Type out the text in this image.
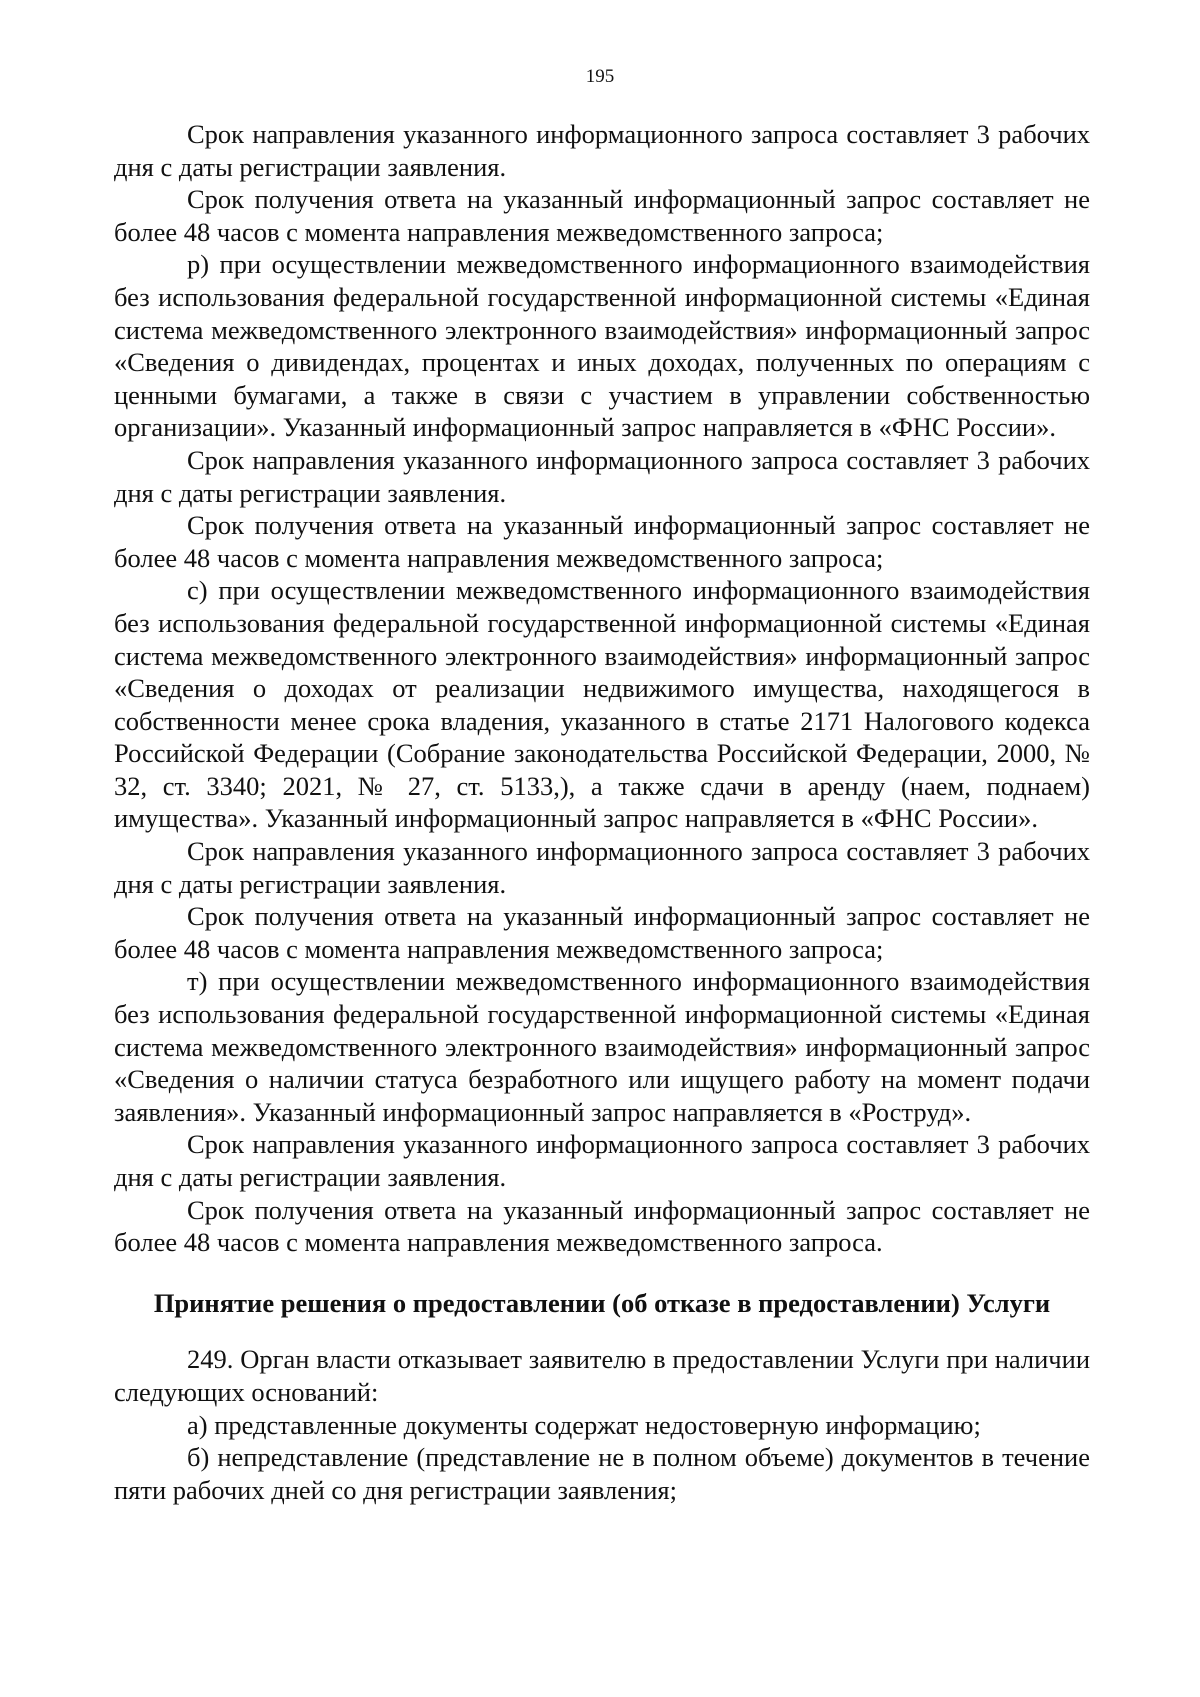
195

Срок направления указанного информационного запроса составляет 3 рабочих дня с даты регистрации заявления.

Срок получения ответа на указанный информационный запрос составляет не более 48 часов с момента направления межведомственного запроса;

р) при осуществлении межведомственного информационного взаимодействия без использования федеральной государственной информационной системы «Единая система межведомственного электронного взаимодействия» информационный запрос «Сведения о дивидендах, процентах и иных доходах, полученных по операциям с ценными бумагами, а также в связи с участием в управлении собственностью организации». Указанный информационный запрос направляется в «ФНС России».

Срок направления указанного информационного запроса составляет 3 рабочих дня с даты регистрации заявления.

Срок получения ответа на указанный информационный запрос составляет не более 48 часов с момента направления межведомственного запроса;

с) при осуществлении межведомственного информационного взаимодействия без использования федеральной государственной информационной системы «Единая система межведомственного электронного взаимодействия» информационный запрос «Сведения о доходах от реализации недвижимого имущества, находящегося в собственности менее срока владения, указанного в статье 2171 Налогового кодекса Российской Федерации (Собрание законодательства Российской Федерации, 2000, № 32, ст. 3340; 2021, № 27, ст. 5133,), а также сдачи в аренду (наем, поднаем) имущества». Указанный информационный запрос направляется в «ФНС России».

Срок направления указанного информационного запроса составляет 3 рабочих дня с даты регистрации заявления.

Срок получения ответа на указанный информационный запрос составляет не более 48 часов с момента направления межведомственного запроса;

т) при осуществлении межведомственного информационного взаимодействия без использования федеральной государственной информационной системы «Единая система межведомственного электронного взаимодействия» информационный запрос «Сведения о наличии статуса безработного или ищущего работу на момент подачи заявления». Указанный информационный запрос направляется в «Роструд».

Срок направления указанного информационного запроса составляет 3 рабочих дня с даты регистрации заявления.

Срок получения ответа на указанный информационный запрос составляет не более 48 часов с момента направления межведомственного запроса.

Принятие решения о предоставлении (об отказе в предоставлении) Услуги

249. Орган власти отказывает заявителю в предоставлении Услуги при наличии следующих оснований:

а) представленные документы содержат недостоверную информацию;

б) непредставление (представление не в полном объеме) документов в течение пяти рабочих дней со дня регистрации заявления;
